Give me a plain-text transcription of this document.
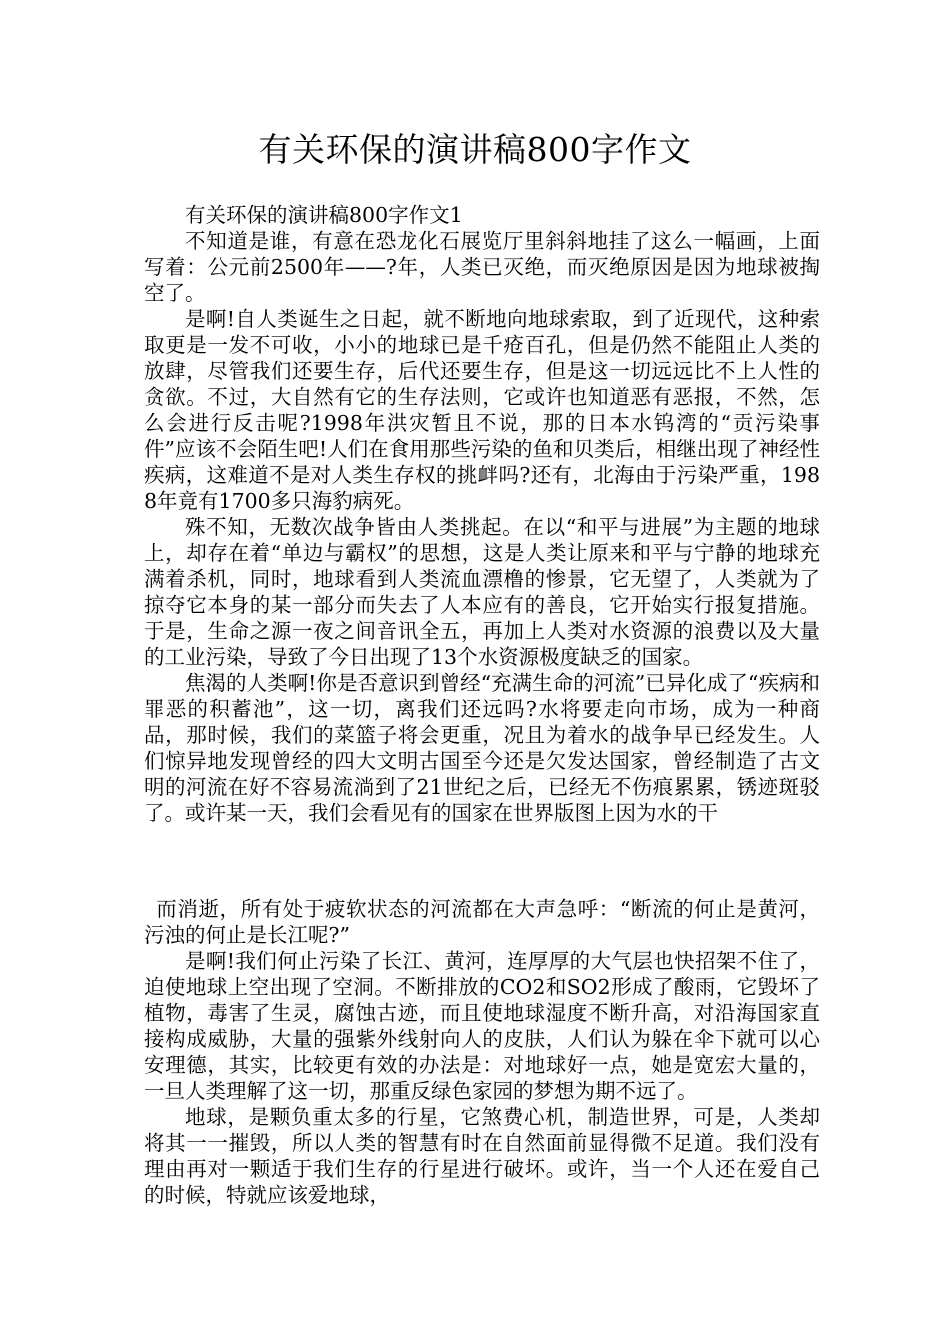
有关环保的演讲稿800字作文

有关环保的演讲稿800字作文1

不知道是谁，有意在恐龙化石展览厅里斜斜地挂了这么一幅画，上面写着：公元前2500年——?年，人类已灭绝，而灭绝原因是因为地球被掏空了。

是啊!自人类诞生之日起，就不断地向地球索取，到了近现代，这种索取更是一发不可收，小小的地球已是千疮百孔，但是仍然不能阻止人类的放肆，尽管我们还要生存，后代还要生存，但是这一切远远比不上人性的贪欲。不过，大自然有它的生存法则，它或许也知道恶有恶报，不然，怎么会进行反击呢?1998年洪灾暂且不说，那的日本水钨湾的“贡污染事件”应该不会陌生吧!人们在食用那些污染的鱼和贝类后，相继出现了神经性疾病，这难道不是对人类生存权的挑衅吗?还有，北海由于污染严重，1988年竟有1700多只海豹病死。

殊不知，无数次战争皆由人类挑起。在以“和平与进展”为主题的地球上，却存在着“单边与霸权”的思想，这是人类让原来和平与宁静的地球充满着杀机，同时，地球看到人类流血漂橹的惨景，它无望了，人类就为了掠夺它本身的某一部分而失去了人本应有的善良，它开始实行报复措施。于是，生命之源一夜之间音讯全五，再加上人类对水资源的浪费以及大量的工业污染，导致了今日出现了13个水资源极度缺乏的国家。

焦渴的人类啊!你是否意识到曾经“充满生命的河流”已异化成了“疾病和罪恶的积蓄池”，这一切，离我们还远吗?水将要走向市场，成为一种商品，那时候，我们的菜篮子将会更重，况且为着水的战争早已经发生。人们惊异地发现曾经的四大文明古国至今还是欠发达国家，曾经制造了古文明的河流在好不容易流淌到了21世纪之后，已经无不伤痕累累，锈迹斑驳了。或许某一天，我们会看见有的国家在世界版图上因为水的干

而消逝，所有处于疲软状态的河流都在大声急呼：“断流的何止是黄河，污浊的何止是长江呢?”

是啊!我们何止污染了长江、黄河，连厚厚的大气层也快招架不住了，迫使地球上空出现了空洞。不断排放的CO2和SO2形成了酸雨，它毁坏了植物，毒害了生灵，腐蚀古迹，而且使地球湿度不断升高，对沿海国家直接构成威胁，大量的强紫外线射向人的皮肤，人们认为躲在伞下就可以心安理德，其实，比较更有效的办法是：对地球好一点，她是宽宏大量的，一旦人类理解了这一切，那重反绿色家园的梦想为期不远了。

地球，是颗负重太多的行星，它煞费心机，制造世界，可是，人类却将其一一摧毁，所以人类的智慧有时在自然面前显得微不足道。我们没有理由再对一颗适于我们生存的行星进行破坏。或许，当一个人还在爱自己的时候，特就应该爱地球，
